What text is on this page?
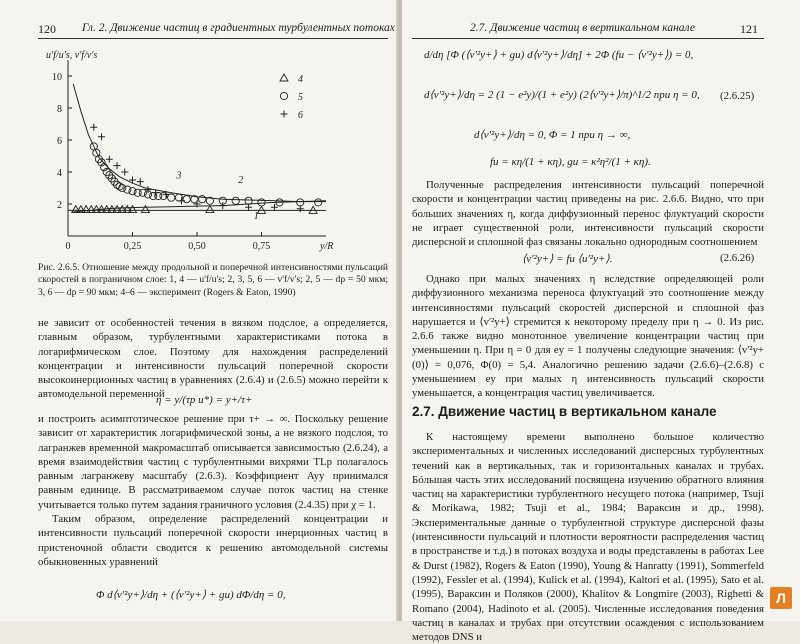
120 Гл. 2. Движение частиц в градиентных турбулентных потоках
2
4
6
8
10
0	0,25	0,50	0,75	y/R
u'f/u's, v'f/v's
1
2
3
4
5
6
Рис. 2.6.5. Отношение между продольной и поперечной интенсивностями пульсаций скоростей в пограничном слое: 1, 4 — u'f/u's; 2, 3, 5, 6 — v'f/v's; 2, 5 — dp = 50 мкм; 3, 6 — dp = 90 мкм; 4–6 — эксперимент (Rogers & Eaton, 1990)

не зависит от особенностей течения в вязком подслое, а определяется, главным образом, турбулентными характеристиками потока в логарифмическом слое. Поэтому для нахождения распределений концентрации и интенсивности пульсаций поперечной скорости высокоинерционных частиц в уравнениях (2.6.4) и (2.6.5) можно перейти к автомодельной переменной

η = y/(τp u*) = y+/τ+

и построить асимптотическое решение при τ+ → ∞. Поскольку решение зависит от характеристик логарифмической зоны, а не вязкого подслоя, то лагранжев временной макромасштаб описывается зависимостью (2.6.24), а время взаимодействия частиц с турбулентными вихрями TLp полагалось равным лагранжеву масштабу (2.6.3). Коэффициент Ayy принимался равным единице. В рассматриваемом случае поток частиц на стенке учитывается только путем задания граничного условия (2.4.35) при χ = 1.

Таким образом, определение распределений концентрации и интенсивности пульсаций поперечной скорости инерционных частиц в пристеночной области сводится к решению автомодельной системы обыкновенных уравнений

Φ d⟨v'²y+⟩/dη + (⟨v'²y+⟩ + gu) dΦ/dη = 0,
2.7. Движение частиц в вертикальном канале	121
d/dη [Φ (⟨v'²y+⟩ + gu) d⟨v'²y+⟩/dη] + 2Φ (fu − ⟨v'²y+⟩) = 0,
d⟨v'²y+⟩/dη = 2 (1 − e²y)/(1 + e²y) (2⟨v'²y+⟩/π)^1/2 при η = 0, (2.6.25)
d⟨v'²y+⟩/dη = 0, Φ = 1 при η → ∞,
fu = κη/(1 + κη), gu = κ²η²/(1 + κη).

Полученные распределения интенсивности пульсаций поперечной скорости и концентрации частиц приведены на рис. 2.6.6. Видно, что при больших значениях η, когда диффузионный перенос флуктуаций скорости не играет существенной роли, интенсивности пульсаций скорости дисперсной и сплошной фаз связаны локально однородным соотношением

⟨v'²y+⟩ = fu ⟨u'²y+⟩.	(2.6.26)

Однако при малых значениях η вследствие определяющей роли диффузионного механизма переноса флуктуаций это соотношение между интенсивностями пульсаций скоростей дисперсной и сплошной фаз нарушается и ⟨v'²y+⟩ стремится к некоторому пределу при η → 0. Из рис. 2.6.6 также видно монотонное увеличение концентрации частиц при уменьшении η. При η = 0 для ey = 1 получены следующие значения: ⟨v'²y+(0)⟩ = 0,076, Φ(0) = 5,4. Аналогично решению задачи (2.6.6)–(2.6.8) с уменьшением ey при малых η интенсивность пульсаций скорости уменьшается, а концентрация частиц увеличивается.

2.7. Движение частиц в вертикальном канале

К настоящему времени выполнено большое количество экспериментальных и численных исследований дисперсных турбулентных течений как в вертикальных, так и горизонтальных каналах и трубах. Бóльшая часть этих исследований посвящена изучению обратного влияния частиц на характеристики турбулентного несущего потока (например, Tsuji & Morikawa, 1982; Tsuji et al., 1984; Варaксин и др., 1998). Экспериментальные данные о турбулентной структуре дисперсной фазы (интенсивности пульсаций и плотности вероятности распределения частиц в пространстве и т.д.) в потоках воздуха и воды представлены в работах Lee & Durst (1982), Rogers & Eaton (1990), Young & Hanratty (1991), Sommerfeld (1992), Fessler et al. (1994), Kulick et al. (1994), Kaltori et al. (1995), Sato et al. (1995), Вараксин и Поляков (2000), Khalitov & Longmire (2003), Righetti & Romano (2004), Hadinoto et al. (2005). Численные исследования поведения частиц в каналах и трубах при отсутствии осаждения с использованием методов DNS и

Л
